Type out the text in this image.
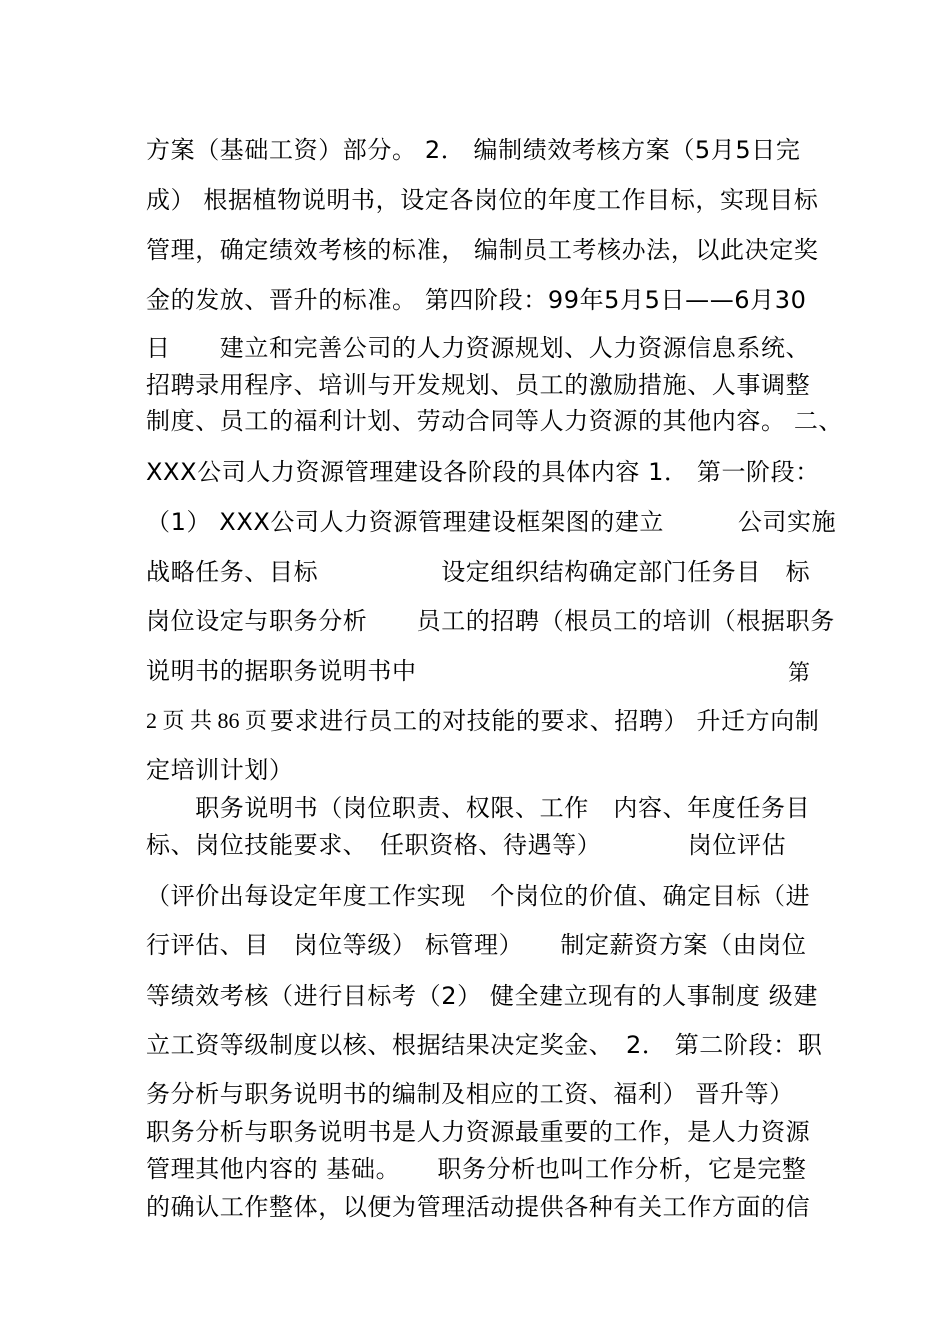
方案（基础工资）部分。 2． 编制绩效考核方案（5月5日完
成） 根据植物说明书，设定各岗位的年度工作目标，实现目标
管理，确定绩效考核的标准， 编制员工考核办法，以此决定奖
金的发放、晋升的标准。 第四阶段：99年5月5日——6月30
日　　建立和完善公司的人力资源规划、人力资源信息系统、
招聘录用程序、培训与开发规划、员工的激励措施、人事调整
制度、员工的福利计划、劳动合同等人力资源的其他内容。 二、
XXX公司人力资源管理建设各阶段的具体内容 1． 第一阶段：
（1） XXX公司人力资源管理建设框架图的建立　　　公司实施
战略任务、目标　　　　　设定组织结构确定部门任务目　标
岗位设定与职务分析　　员工的招聘（根员工的培训（根据职务
说明书的据职务说明书中	第
2 页 共 86 页 要求进行员工的对技能的要求、招聘） 升迁方向制
定培训计划）
　　职务说明书（岗位职责、权限、工作　内容、年度任务目
标、岗位技能要求、　任职资格、待遇等）　　　　岗位评估
（评价出每设定年度工作实现　个岗位的价值、确定目标（进
行评估、目　岗位等级） 标管理）　　制定薪资方案（由岗位
等绩效考核（进行目标考（2） 健全建立现有的人事制度 级建
立工资等级制度以核、根据结果决定奖金、　2． 第二阶段：职
务分析与职务说明书的编制及相应的工资、福利） 晋升等）
职务分析与职务说明书是人力资源最重要的工作，是人力资源
管理其他内容的 基础。　　职务分析也叫工作分析，它是完整
的确认工作整体，以便为管理活动提供各种有关工作方面的信
